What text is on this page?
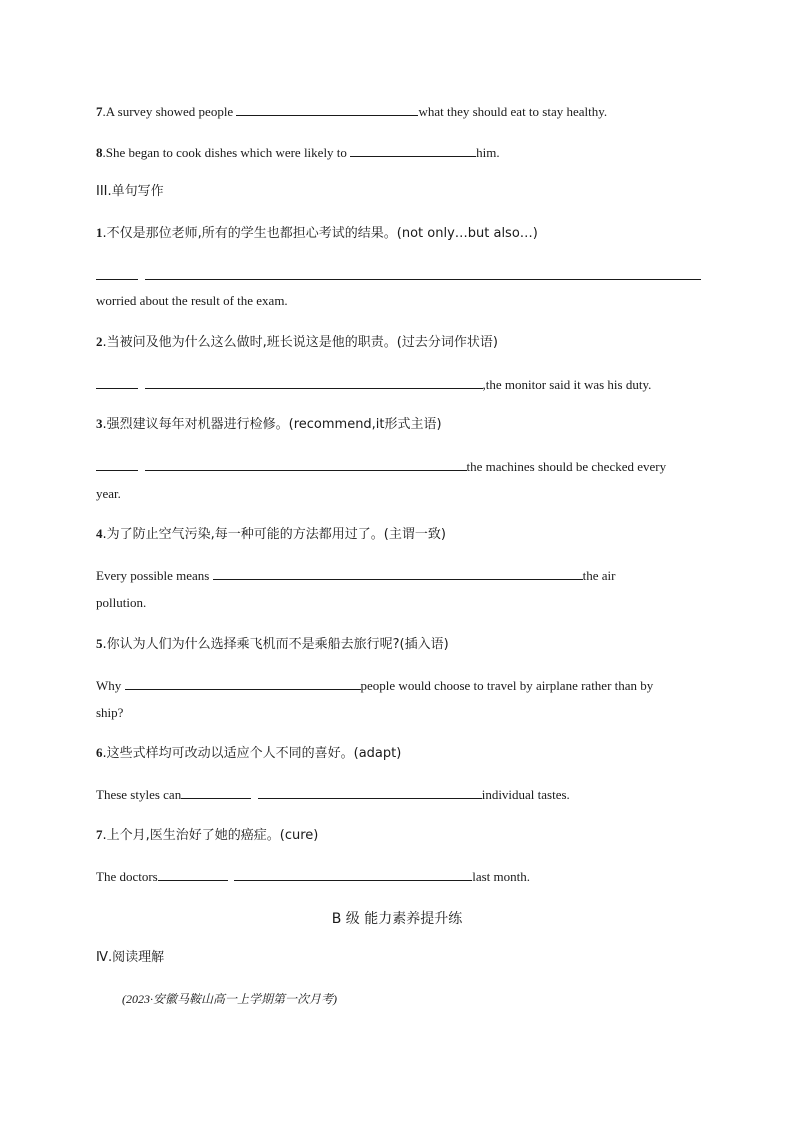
7.A survey showed people	what they should eat to stay healthy.
8.She began to cook dishes which were likely to	him.
III.单句写作
1.不仅是那位老师,所有的学生也都担心考试的结果。(not only…but also…)

worried about the result of the exam.
2.当被问及他为什么这么做时,班长说这是他的职责。(过去分词作状语)
,the monitor said it was his duty.
3.强烈建议每年对机器进行检修。(recommend,it形式主语)
the machines should be checked every
year.
4.为了防止空气污染,每一种可能的方法都用过了。(主谓一致)
Every possible means	the air
pollution.
5.你认为人们为什么选择乘飞机而不是乘船去旅行呢?(插入语)
Why	people would choose to travel by airplane rather than by
ship?
6.这些式样均可改动以适应个人不同的喜好。(adapt)
These styles can	individual tastes.
7.上个月,医生治好了她的癌症。(cure)
The doctors	last month.
B 级 能力素养提升练
Ⅳ.阅读理解
(2023·安徽马鞍山高一上学期第一次月考)
